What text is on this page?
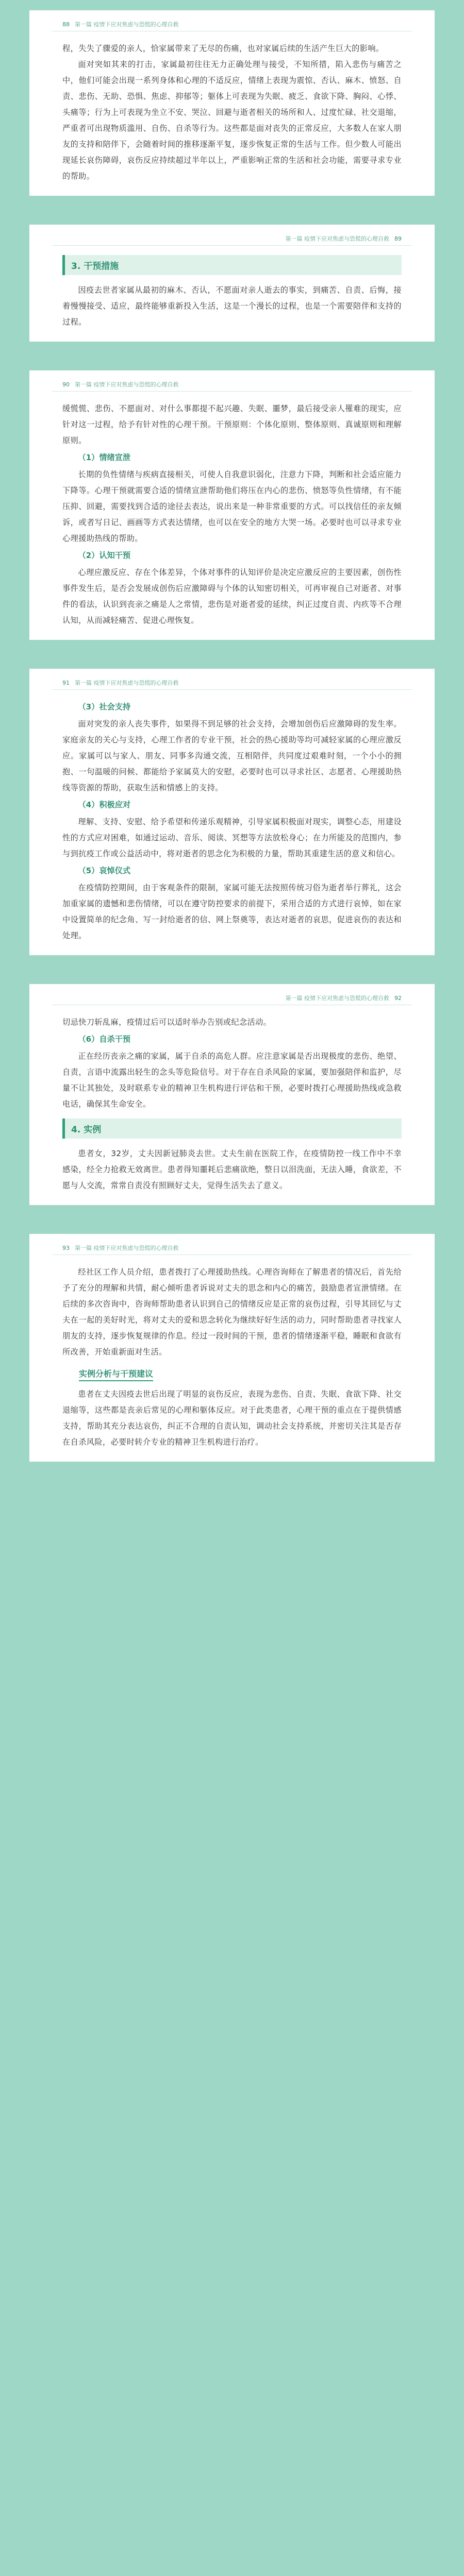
88 第一篇 疫情下应对焦虑与恐慌的心理自救

程，失失了骤爱的亲人，恰家属带来了无尽的伤痛，也对家属后续的生活产生巨大的影响。

面对突如其来的打击，家属最初往往无力正确处理与接受，不知所措，陷入悲伤与痛苦之中，他们可能会出现一系列身体和心理的不适反应，情绪上表现为震惊、否认、麻木、愤怒、自责、悲伤、无助、恐惧、焦虑、抑郁等；躯体上可表现为失眠、疲乏、食欲下降、胸闷、心悸、头痛等；行为上可表现为坐立不安、哭泣、回避与逝者相关的场所和人、过度忙碌、社交退缩，严重者可出现物质滥用、自伤、自杀等行为。这些都是面对丧失的正常反应，大多数人在家人朋友的支持和陪伴下，会随着时间的推移逐渐平复，逐步恢复正常的生活与工作。但少数人可能出现延长哀伤障碍，哀伤反应持续超过半年以上，严重影响正常的生活和社会功能，需要寻求专业的帮助。

第一篇 疫情下应对焦虑与恐慌的心理自救 89
3. 干预措施

因疫去世者家属从最初的麻木、否认，不愿面对亲人逝去的事实，到痛苦、自责、后悔，接着慢慢接受、适应，最终能够重新投入生活，这是一个漫长的过程，也是一个需要陪伴和支持的过程。

90 第一篇 疫情下应对焦虑与恐慌的心理自救

缓慌慌、悲伤、不愿面对、对什么事都提不起兴趣、失眠、噩梦，最后接受亲人罹难的现实，应针对这一过程，给予有针对性的心理干预。干预原则：个体化原则、整体原则、真诚原则和理解原则。

（1）情绪宣泄

长期的负性情绪与疾病直接相关，可使人自我意识弱化，注意力下降，判断和社会适应能力下降等。心理干预就需要合适的情绪宣泄帮助他们将压在内心的悲伤、愤怒等负性情绪，有不能压抑、回避，需要找到合适的途径去表达，说出来是一种非常重要的方式。可以找信任的亲友倾诉，或者写日记、画画等方式表达情绪，也可以在安全的地方大哭一场。必要时也可以寻求专业心理援助热线的帮助。

（2）认知干预

心理应激反应、存在个体差异，个体对事件的认知评价是决定应激反应的主要因素，创伤性事件发生后，是否会发展成创伤后应激障碍与个体的认知密切相关，可再审视自己对逝者、对事件的看法，认识到丧亲之痛是人之常情，悲伤是对逝者爱的延续，纠正过度自责、内疚等不合理认知，从而减轻痛苦、促进心理恢复。

91 第一篇 疫情下应对焦虑与恐慌的心理自救
（3）社会支持

面对突发的亲人丧失事件，如果得不到足够的社会支持，会增加创伤后应激障碍的发生率。家庭亲友的关心与支持，心理工作者的专业干预，社会的热心援助等均可减轻家属的心理应激反应。家属可以与家人、朋友、同事多沟通交流，互相陪伴，共同度过艰难时刻，一个小小的拥抱、一句温暖的问候、都能给予家属莫大的安慰，必要时也可以寻求社区、志愿者、心理援助热线等资源的帮助，获取生活和情感上的支持。

（4）积极应对

理解、支持、安慰、给予希望和传递乐观精神，引导家属积极面对现实，调整心态，用建设性的方式应对困难，如通过运动、音乐、阅读、冥想等方法放松身心；在力所能及的范围内，参与到抗疫工作或公益活动中，将对逝者的思念化为积极的力量，帮助其重建生活的意义和信心。

（5）哀悼仪式

在疫情防控期间，由于客观条件的限制，家属可能无法按照传统习俗为逝者举行葬礼，这会加重家属的遗憾和悲伤情绪，可以在遵守防控要求的前提下，采用合适的方式进行哀悼，如在家中设置简单的纪念角、写一封给逝者的信、网上祭奠等，表达对逝者的哀思，促进哀伤的表达和处理。

第一篇 疫情下应对焦虑与恐慌的心理自救 92

切忌快刀斩乱麻，疫情过后可以适时举办告别或纪念活动。

（6）自杀干预

正在经历丧亲之痛的家属，属于自杀的高危人群。应注意家属是否出现极度的悲伤、绝望、自责，言语中流露出轻生的念头等危险信号。对于存在自杀风险的家属，要加强陪伴和监护，尽量不让其独处，及时联系专业的精神卫生机构进行评估和干预，必要时拨打心理援助热线或急救电话，确保其生命安全。

4. 实例

患者女，32岁，丈夫因新冠肺炎去世。丈夫生前在医院工作，在疫情防控一线工作中不幸感染，经全力抢救无效离世。患者得知噩耗后悲痛欲绝，整日以泪洗面，无法入睡，食欲差，不愿与人交流，常常自责没有照顾好丈夫，觉得生活失去了意义。

93 第一篇 疫情下应对焦虑与恐慌的心理自救

经社区工作人员介绍，患者拨打了心理援助热线。心理咨询师在了解患者的情况后，首先给予了充分的理解和共情，耐心倾听患者诉说对丈夫的思念和内心的痛苦，鼓励患者宣泄情绪。在后续的多次咨询中，咨询师帮助患者认识到自己的情绪反应是正常的哀伤过程，引导其回忆与丈夫在一起的美好时光，将对丈夫的爱和思念转化为继续好好生活的动力，同时帮助患者寻找家人朋友的支持，逐步恢复规律的作息。经过一段时间的干预，患者的情绪逐渐平稳，睡眠和食欲有所改善，开始重新面对生活。

实例分析与干预建议

患者在丈夫因疫去世后出现了明显的哀伤反应，表现为悲伤、自责、失眠、食欲下降、社交退缩等，这些都是丧亲后常见的心理和躯体反应。对于此类患者，心理干预的重点在于提供情感支持，帮助其充分表达哀伤，纠正不合理的自责认知，调动社会支持系统，并密切关注其是否存在自杀风险，必要时转介专业的精神卫生机构进行治疗。
